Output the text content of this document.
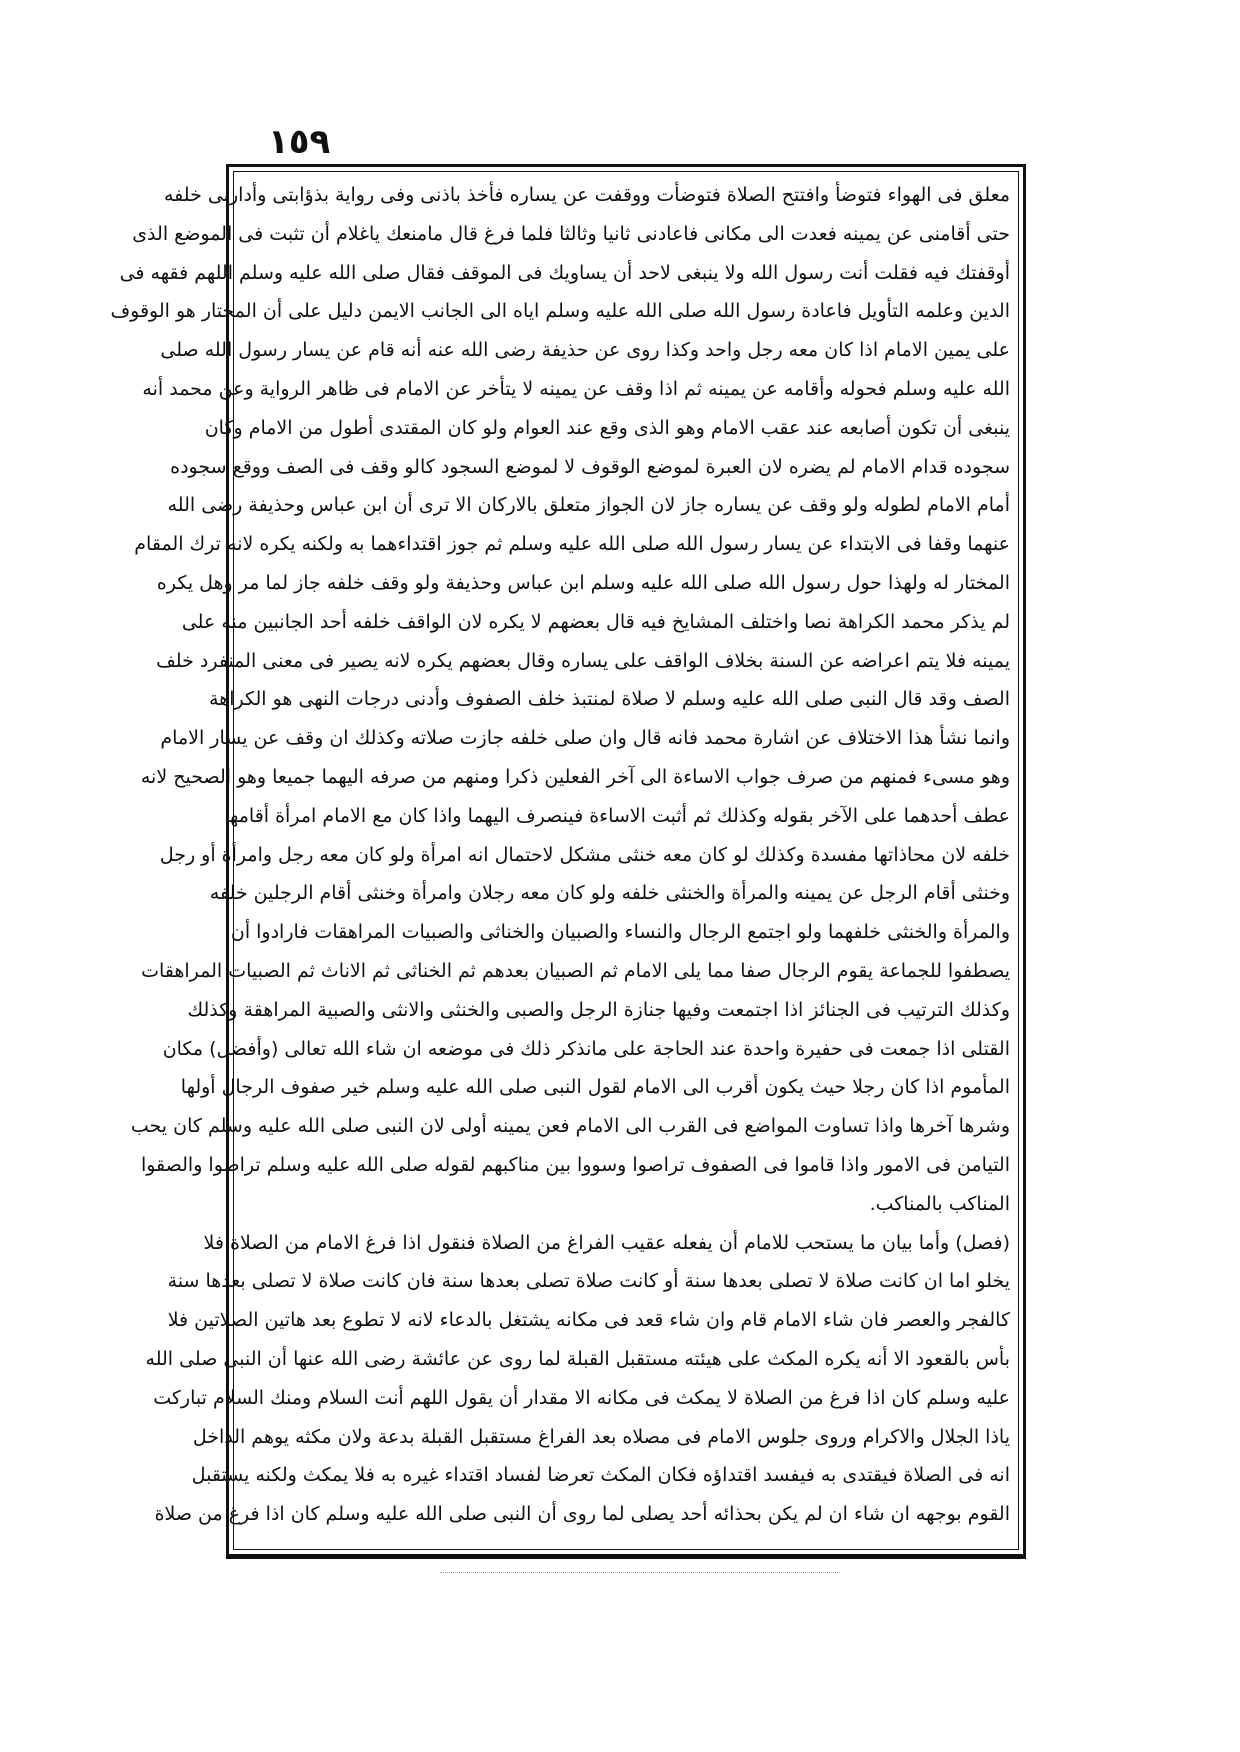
١٥٩
معلق فى الهواء فتوضأ وافتتح الصلاة فتوضأت ووقفت عن يساره فأخذ باذنى وفى رواية بذؤابتى وأدارنى خلفه
حتى أقامنى عن يمينه فعدت الى مكانى فاعادنى ثانيا وثالثا فلما فرغ قال مامنعك ياغلام أن تثبت فى الموضع الذى
أوقفتك فيه فقلت أنت رسول الله ولا ينبغى لاحد أن يساويك فى الموقف فقال صلى الله عليه وسلم اللهم فقهه فى
الدين وعلمه التأويل فاعادة رسول الله صلى الله عليه وسلم اياه الى الجانب الايمن دليل على أن المختار هو الوقوف
على يمين الامام اذا كان معه رجل واحد وكذا روى عن حذيفة رضى الله عنه أنه قام عن يسار رسول الله صلى
الله عليه وسلم فحوله وأقامه عن يمينه ثم اذا وقف عن يمينه لا يتأخر عن الامام فى ظاهر الرواية وعن محمد أنه
ينبغى أن تكون أصابعه عند عقب الامام وهو الذى وقع عند العوام ولو كان المقتدى أطول من الامام وكان
سجوده قدام الامام لم يضره لان العبرة لموضع الوقوف لا لموضع السجود كالو وقف فى الصف ووقع سجوده
أمام الامام لطوله ولو وقف عن يساره جاز لان الجواز متعلق بالاركان الا ترى أن ابن عباس وحذيفة رضى الله
عنهما وقفا فى الابتداء عن يسار رسول الله صلى الله عليه وسلم ثم جوز اقتداءهما به ولكنه يكره لانه ترك المقام
المختار له ولهذا حول رسول الله صلى الله عليه وسلم ابن عباس وحذيفة ولو وقف خلفه جاز لما مر وهل يكره
لم يذكر محمد الكراهة نصا واختلف المشايخ فيه قال بعضهم لا يكره لان الواقف خلفه أحد الجانبين منه على
يمينه فلا يتم اعراضه عن السنة بخلاف الواقف على يساره وقال بعضهم يكره لانه يصير فى معنى المنفرد خلف
الصف وقد قال النبى صلى الله عليه وسلم لا صلاة لمنتبذ خلف الصفوف وأدنى درجات النهى هو الكراهة
وانما نشأ هذا الاختلاف عن اشارة محمد فانه قال وان صلى خلفه جازت صلاته وكذلك ان وقف عن يسار الامام
وهو مسىء فمنهم من صرف جواب الاساءة الى آخر الفعلين ذكرا ومنهم من صرفه اليهما جميعا وهو الصحيح لانه
عطف أحدهما على الآخر بقوله وكذلك ثم أثبت الاساءة فينصرف اليهما واذا كان مع الامام امرأة أقامها
خلفه لان محاذاتها مفسدة وكذلك لو كان معه خنثى مشكل لاحتمال انه امرأة ولو كان معه رجل وامرأة أو رجل
وخنثى أقام الرجل عن يمينه والمرأة والخنثى خلفه ولو كان معه رجلان وامرأة وخنثى أقام الرجلين خلفه
والمرأة والخنثى خلفهما ولو اجتمع الرجال والنساء والصبيان والخناثى والصبيات المراهقات فارادوا أن
يصطفوا للجماعة يقوم الرجال صفا مما يلى الامام ثم الصبيان بعدهم ثم الخناثى ثم الاناث ثم الصبيات المراهقات
وكذلك الترتيب فى الجنائز اذا اجتمعت وفيها جنازة الرجل والصبى والخنثى والانثى والصبية المراهقة وكذلك
القتلى اذا جمعت فى حفيرة واحدة عند الحاجة على مانذكر ذلك فى موضعه ان شاء الله تعالى (وأفضل) مكان
المأموم اذا كان رجلا حيث يكون أقرب الى الامام لقول النبى صلى الله عليه وسلم خير صفوف الرجال أولها
وشرها آخرها واذا تساوت المواضع فى القرب الى الامام فعن يمينه أولى لان النبى صلى الله عليه وسلم كان يحب
التيامن فى الامور واذا قاموا فى الصفوف تراصوا وسووا بين مناكبهم لقوله صلى الله عليه وسلم تراصوا والصقوا
المناكب بالمناكب.
(فصل) وأما بيان ما يستحب للامام أن يفعله عقيب الفراغ من الصلاة فنقول اذا فرغ الامام من الصلاة فلا
يخلو اما ان كانت صلاة لا تصلى بعدها سنة أو كانت صلاة تصلى بعدها سنة فان كانت صلاة لا تصلى بعدها سنة
كالفجر والعصر فان شاء الامام قام وان شاء قعد فى مكانه يشتغل بالدعاء لانه لا تطوع بعد هاتين الصلاتين فلا
بأس بالقعود الا أنه يكره المكث على هيئته مستقبل القبلة لما روى عن عائشة رضى الله عنها أن النبى صلى الله
عليه وسلم كان اذا فرغ من الصلاة لا يمكث فى مكانه الا مقدار أن يقول اللهم أنت السلام ومنك السلام تباركت
ياذا الجلال والاكرام وروى جلوس الامام فى مصلاه بعد الفراغ مستقبل القبلة بدعة ولان مكثه يوهم الداخل
انه فى الصلاة فيقتدى به فيفسد اقتداؤه فكان المكث تعرضا لفساد اقتداء غيره به فلا يمكث ولكنه يستقبل
القوم بوجهه ان شاء ان لم يكن بحذائه أحد يصلى لما روى أن النبى صلى الله عليه وسلم كان اذا فرغ من صلاة
